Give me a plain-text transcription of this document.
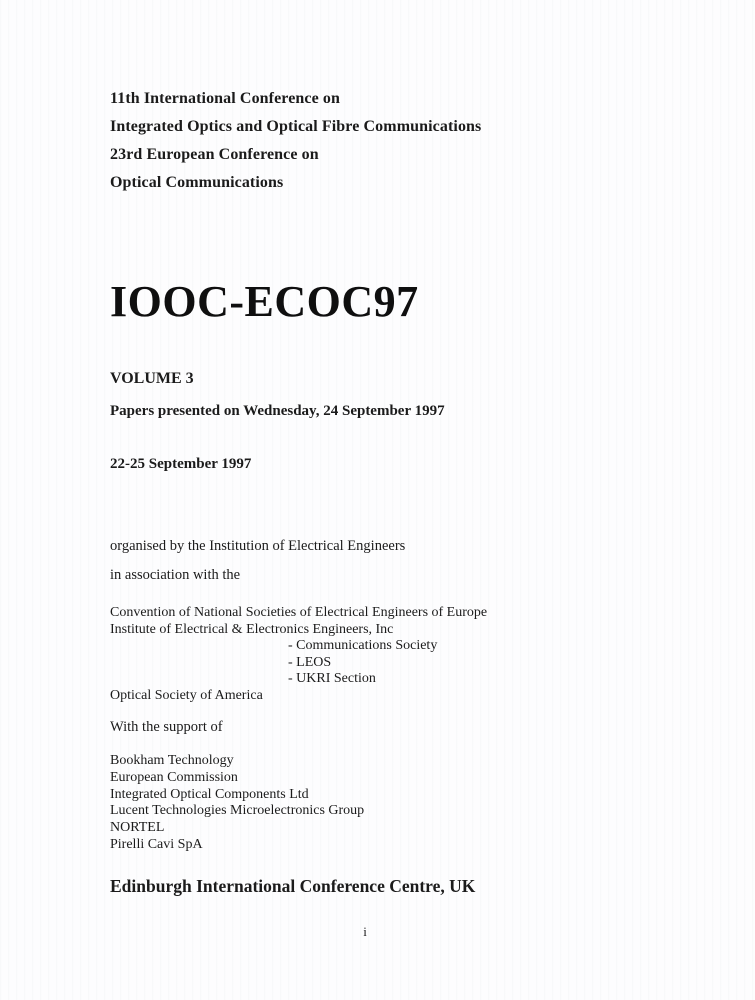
11th International Conference on
Integrated Optics and Optical Fibre Communications
23rd European Conference on
Optical Communications
IOOC-ECOC97
VOLUME 3
Papers presented on Wednesday, 24 September 1997
22-25 September 1997
organised by the Institution of Electrical Engineers
in association with the
Convention of National Societies of Electrical Engineers of Europe
Institute of Electrical & Electronics Engineers, Inc
- Communications Society
- LEOS
- UKRI Section
Optical Society of America
With the support of
Bookham Technology
European Commission
Integrated Optical Components Ltd
Lucent Technologies Microelectronics Group
NORTEL
Pirelli Cavi SpA
Edinburgh International Conference Centre, UK
i
